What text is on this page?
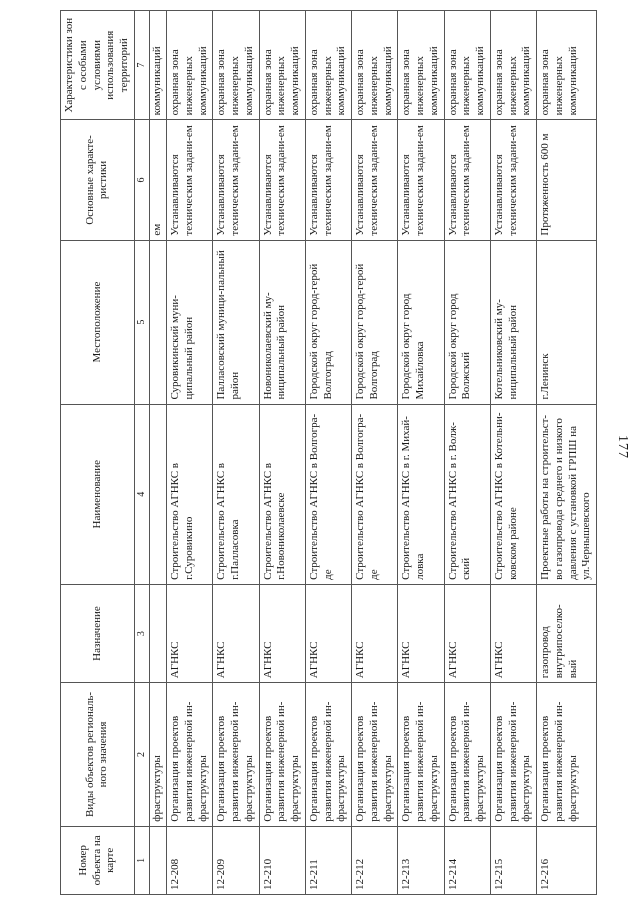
177
Номер объекта на карте	Виды объектов региональ-ного значения	Назначение	Наименование	Местоположение	Основные характе-ристики	Характеристики зон с особыми условиями использования территорий
1	2	3	4	5	6	7
	фраструктуры				ем	коммуникаций
12-208	Организация проектов развития инженерной ин-фраструктуры	АГНКС	Строительство АГНКС в г.Суровикино	Суровикинский муни-ципальный район	Устанавливаются техническим задани-ем	охранная зона инженерных коммуникаций
12-209	Организация проектов развития инженерной ин-фраструктуры	АГНКС	Строительство АГНКС в г.Палласовка	Палласовский муници-пальный район	Устанавливаются техническим задани-ем	охранная зона инженерных коммуникаций
12-210	Организация проектов развития инженерной ин-фраструктуры	АГНКС	Строительство АГНКС в г.Новониколаевске	Новониколаевский му-ниципальный район	Устанавливаются техническим задани-ем	охранная зона инженерных коммуникаций
12-211	Организация проектов развития инженерной ин-фраструктуры	АГНКС	Строительство АГНКС в Волгогра-де	Городской округ город-герой Волгоград	Устанавливаются техническим задани-ем	охранная зона инженерных коммуникаций
12-212	Организация проектов развития инженерной ин-фраструктуры	АГНКС	Строительство АГНКС в Волгогра-де	Городской округ город-герой Волгоград	Устанавливаются техническим задани-ем	охранная зона инженерных коммуникаций
12-213	Организация проектов развития инженерной ин-фраструктуры	АГНКС	Строительство АГНКС в г. Михай-ловка	Городской округ город Михайловка	Устанавливаются техническим задани-ем	охранная зона инженерных коммуникаций
12-214	Организация проектов развития инженерной ин-фраструктуры	АГНКС	Строительство АГНКС в г. Волж-ский	Городской округ город Волжский	Устанавливаются техническим задани-ем	охранная зона инженерных коммуникаций
12-215	Организация проектов развития инженерной ин-фраструктуры	АГНКС	Строительство АГНКС в Котельни-ковском районе	Котельниковский му-ниципальный район	Устанавливаются техническим задани-ем	охранная зона инженерных коммуникаций
12-216	Организация проектов развития инженерной ин-фраструктуры	газопровод внутрипоселко-вый	Проектные работы на строительст-во газопровода среднего и низкого давления с установкой ГРПШ на ул.Чернышевского	г.Ленинск	Протяженность 600 м	охранная зона инженерных коммуникаций
